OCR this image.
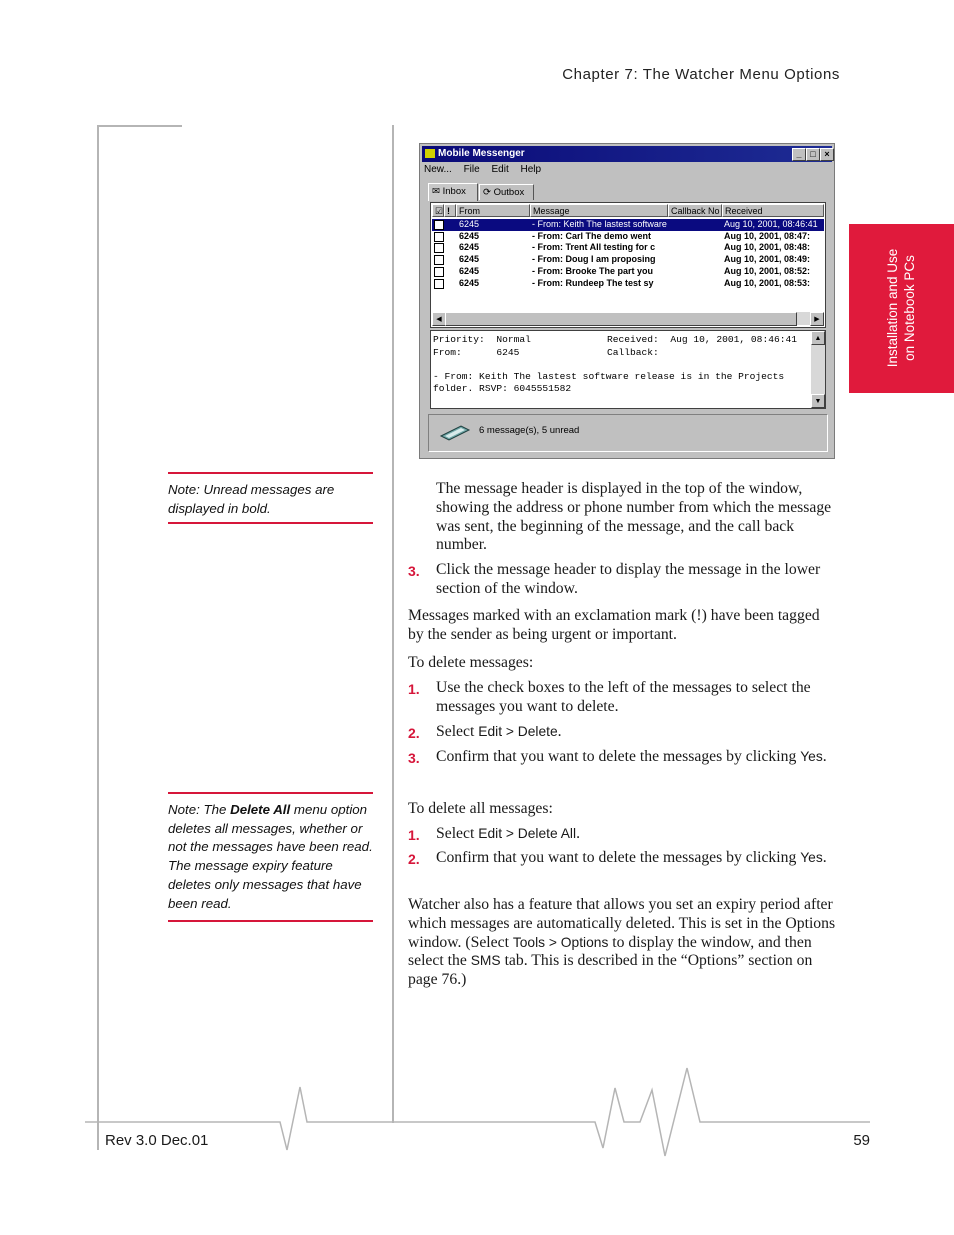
Chapter 7: The Watcher Menu Options
Installation and Use on Notebook PCs
Note: Unread messages are displayed in bold.
Note: The Delete All menu option deletes all messages, whether or not the messages have been read. The message expiry feature deletes only messages that have been read.
Mobile Messenger	_ □ ×
New... File Edit Help
✉ Inbox	⟳ Outbox
☑ !	From	Message	Callback No Received
6245	- From: Keith The lastest software	Aug 10, 2001, 08:46:41
6245	- From: Carl The demo went	Aug 10, 2001, 08:47:
6245	- From: Trent All testing for c	Aug 10, 2001, 08:48:
6245	- From: Doug I am proposing	Aug 10, 2001, 08:49:
6245	- From: Brooke The part you	Aug 10, 2001, 08:52:
6245	- From: Rundeep The test sy	Aug 10, 2001, 08:53:
◀	▶
Priority:  Normal	Received:  Aug 10, 2001, 08:46:41
From:      6245	Callback:
- From: Keith The lastest software release is in the Projects
folder. RSVP: 6045551582
▲
▼
6 message(s), 5 unread
The message header is displayed in the top of the window, showing the address or phone number from which the message was sent, the beginning of the message, and the call back number.
3. Click the message header to display the message in the lower section of the window.
Messages marked with an exclamation mark (!) have been tagged by the sender as being urgent or important.
To delete messages:
1. Use the check boxes to the left of the messages to select the messages you want to delete.
2. Select Edit > Delete.
3. Confirm that you want to delete the messages by clicking Yes.
To delete all messages:
1. Select Edit > Delete All.
2. Confirm that you want to delete the messages by clicking Yes.
Watcher also has a feature that allows you set an expiry period after which messages are automatically deleted. This is set in the Options window. (Select Tools > Options to display the window, and then select the SMS tab. This is described in the “Options” section on page 76.)
Rev 3.0 Dec.01	59
